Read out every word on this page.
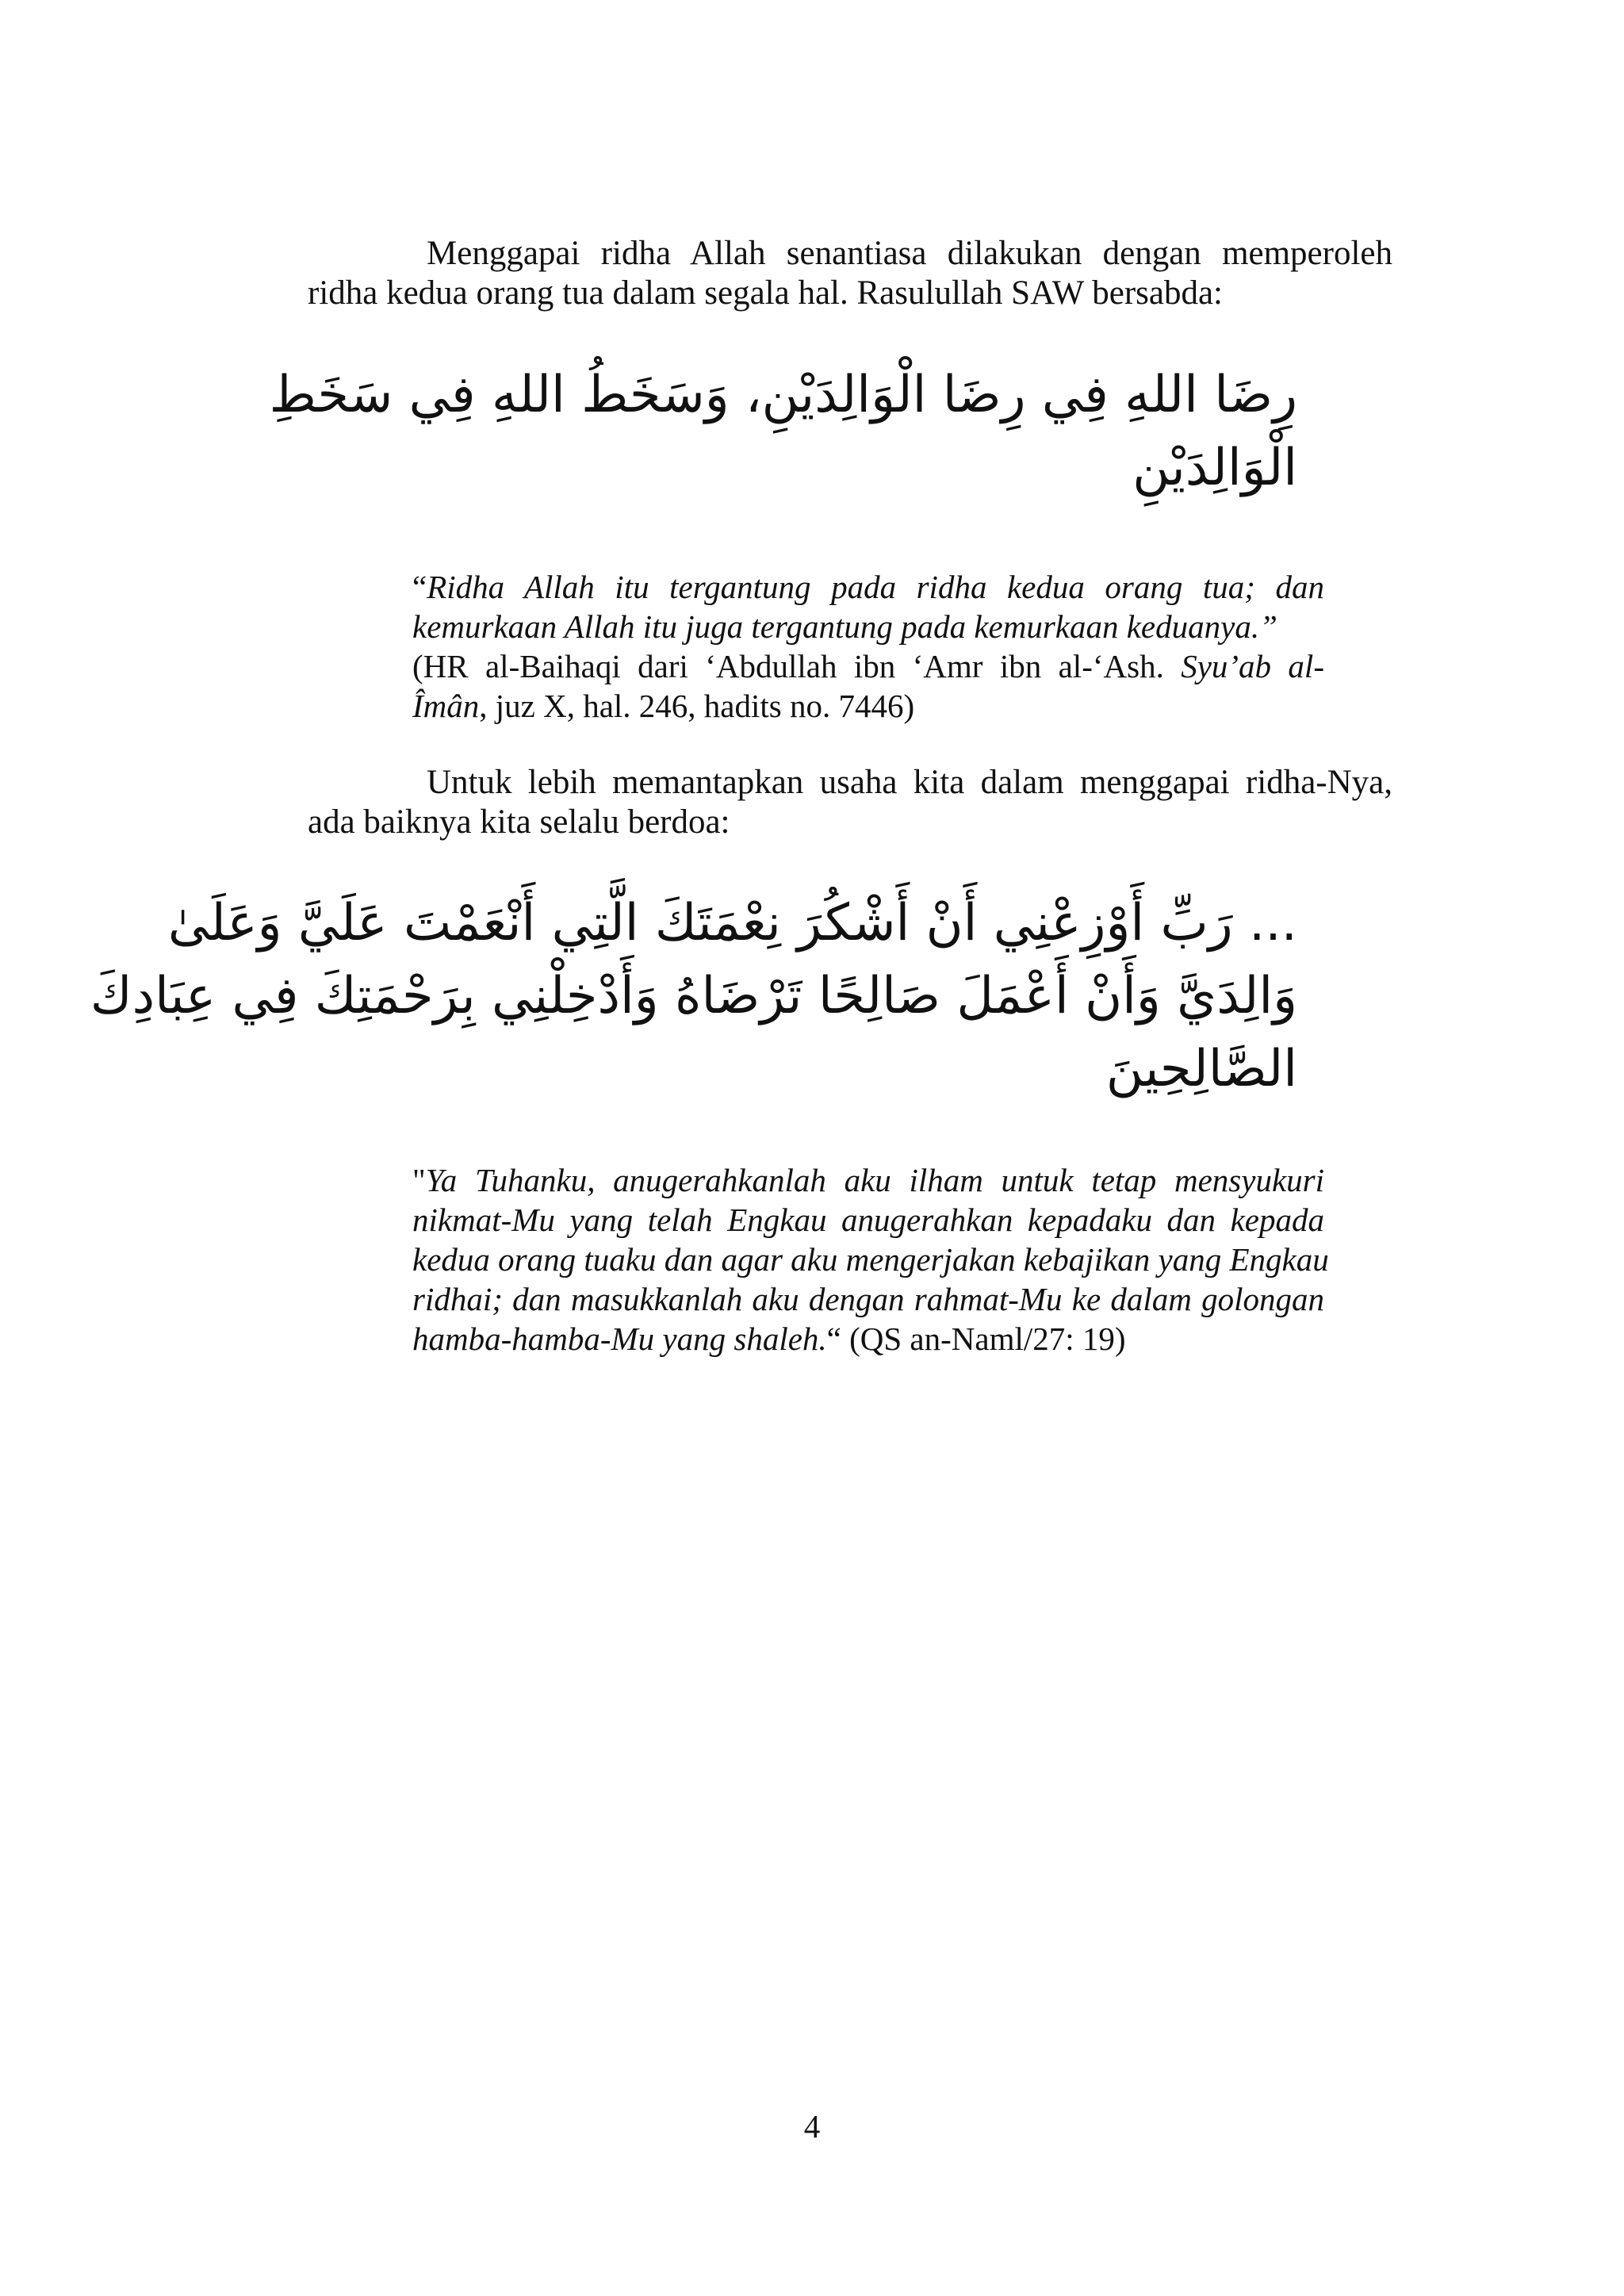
Menggapai ridha Allah senantiasa dilakukan dengan memperoleh
ridha kedua orang tua dalam segala hal. Rasulullah SAW bersabda:
رِضَا اللهِ فِي رِضَا الْوَالِدَيْنِ، وَسَخَطُ اللهِ فِي سَخَطِ
الْوَالِدَيْنِ
“Ridha Allah itu tergantung pada ridha kedua orang tua; dan
kemurkaan Allah itu juga tergantung pada kemurkaan keduanya.”
(HR al-Baihaqi dari ‘Abdullah ibn ‘Amr ibn al-‘Ash. Syu’ab al-
Îmân, juz X, hal. 246, hadits no. 7446)
Untuk lebih memantapkan usaha kita dalam menggapai ridha-Nya,
ada baiknya kita selalu berdoa:
... رَبِّ أَوْزِعْنِي أَنْ أَشْكُرَ نِعْمَتَكَ الَّتِي أَنْعَمْتَ عَلَيَّ وَعَلَىٰ
وَالِدَيَّ وَأَنْ أَعْمَلَ صَالِحًا تَرْضَاهُ وَأَدْخِلْنِي بِرَحْمَتِكَ فِي عِبَادِكَ
الصَّالِحِينَ
"Ya Tuhanku, anugerahkanlah aku ilham untuk tetap mensyukuri
nikmat-Mu yang telah Engkau anugerahkan kepadaku dan kepada
kedua orang tuaku dan agar aku mengerjakan kebajikan yang Engkau
ridhai; dan masukkanlah aku dengan rahmat-Mu ke dalam golongan
hamba-hamba-Mu yang shaleh.“ (QS an-Naml/27: 19)
4
